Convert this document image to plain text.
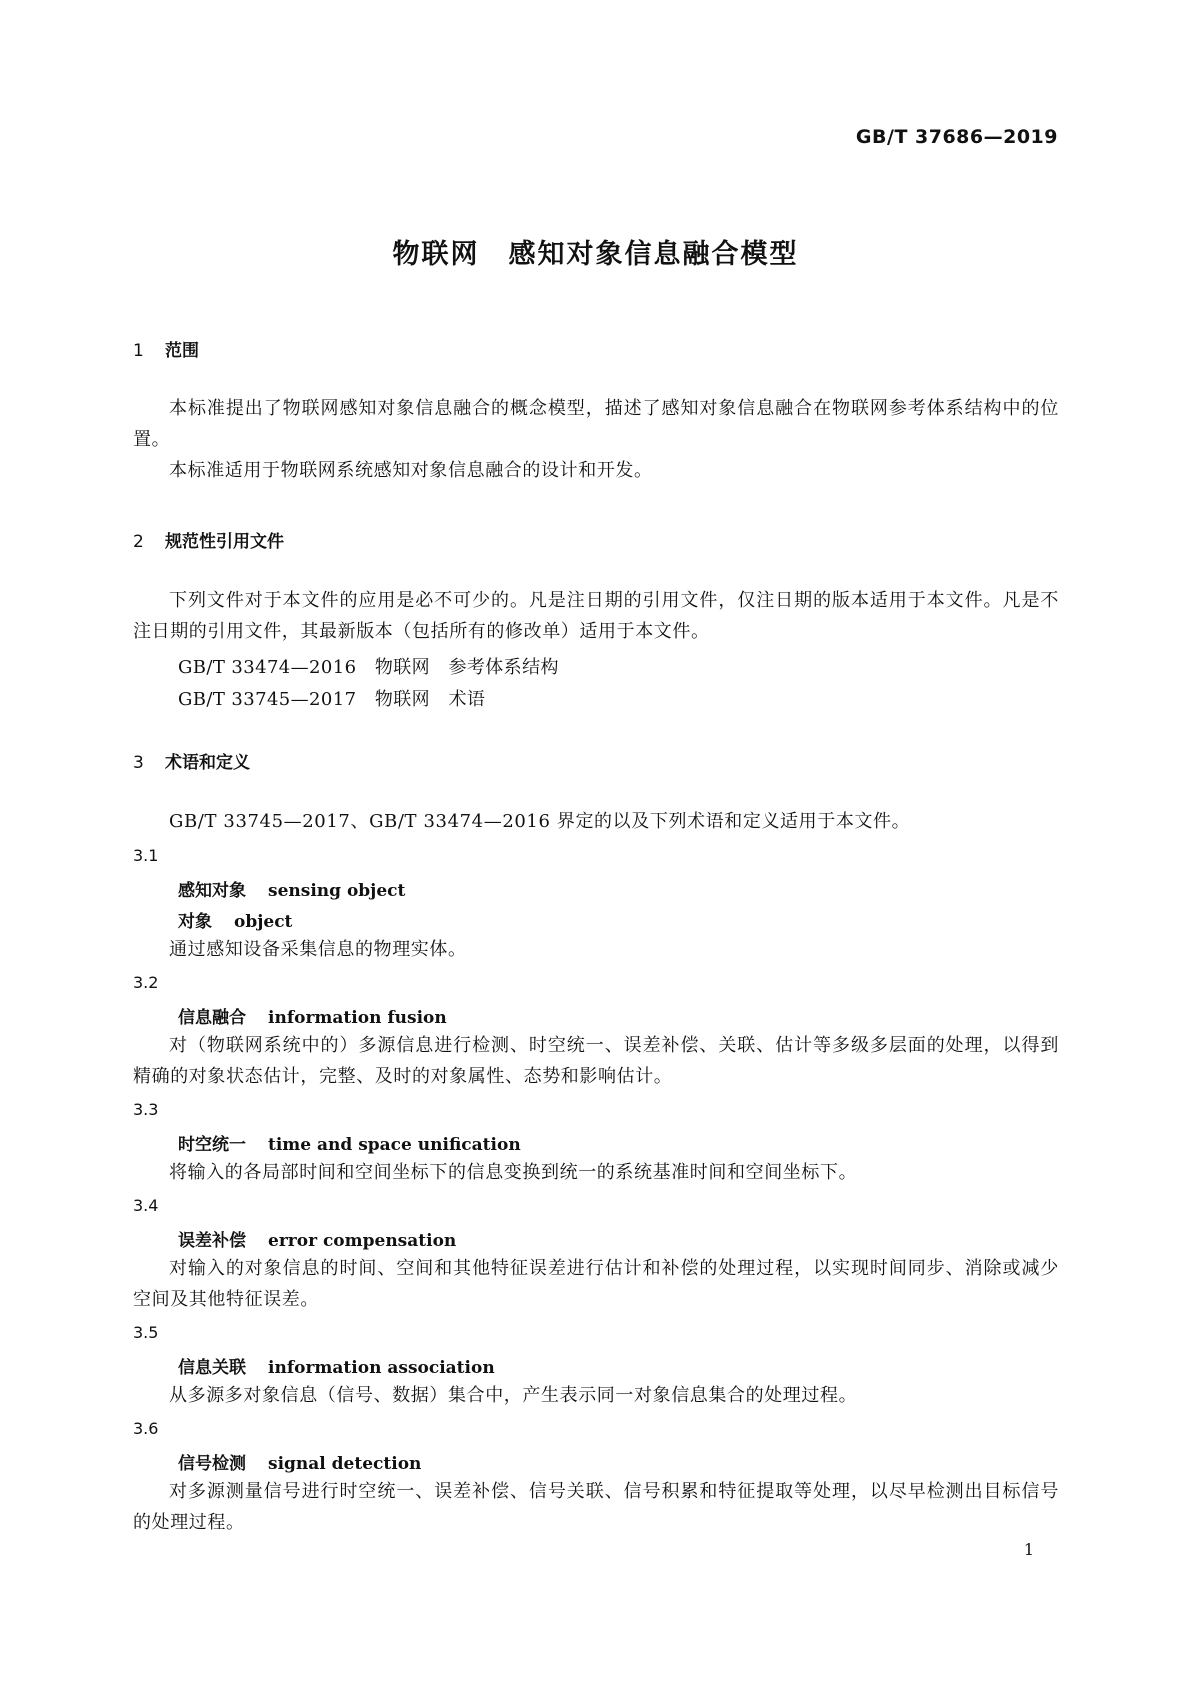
GB/T 37686—2019
物联网　感知对象信息融合模型
1 范围

本标准提出了物联网感知对象信息融合的概念模型，描述了感知对象信息融合在物联网参考体系结构中的位置。

本标准适用于物联网系统感知对象信息融合的设计和开发。

2 规范性引用文件

下列文件对于本文件的应用是必不可少的。凡是注日期的引用文件，仅注日期的版本适用于本文件。凡是不注日期的引用文件，其最新版本（包括所有的修改单）适用于本文件。

GB/T 33474—2016　物联网　参考体系结构
GB/T 33745—2017　物联网　术语
3 术语和定义

GB/T 33745—2017、GB/T 33474—2016 界定的以及下列术语和定义适用于本文件。

3.1
感知对象 sensing object
对象 object

通过感知设备采集信息的物理实体。

3.2
信息融合 information fusion

对（物联网系统中的）多源信息进行检测、时空统一、误差补偿、关联、估计等多级多层面的处理，以得到精确的对象状态估计，完整、及时的对象属性、态势和影响估计。

3.3
时空统一 time and space unification

将输入的各局部时间和空间坐标下的信息变换到统一的系统基准时间和空间坐标下。

3.4
误差补偿 error compensation

对输入的对象信息的时间、空间和其他特征误差进行估计和补偿的处理过程，以实现时间同步、消除或减少空间及其他特征误差。

3.5
信息关联 information association

从多源多对象信息（信号、数据）集合中，产生表示同一对象信息集合的处理过程。

3.6
信号检测 signal detection

对多源测量信号进行时空统一、误差补偿、信号关联、信号积累和特征提取等处理，以尽早检测出目标信号的处理过程。

1
